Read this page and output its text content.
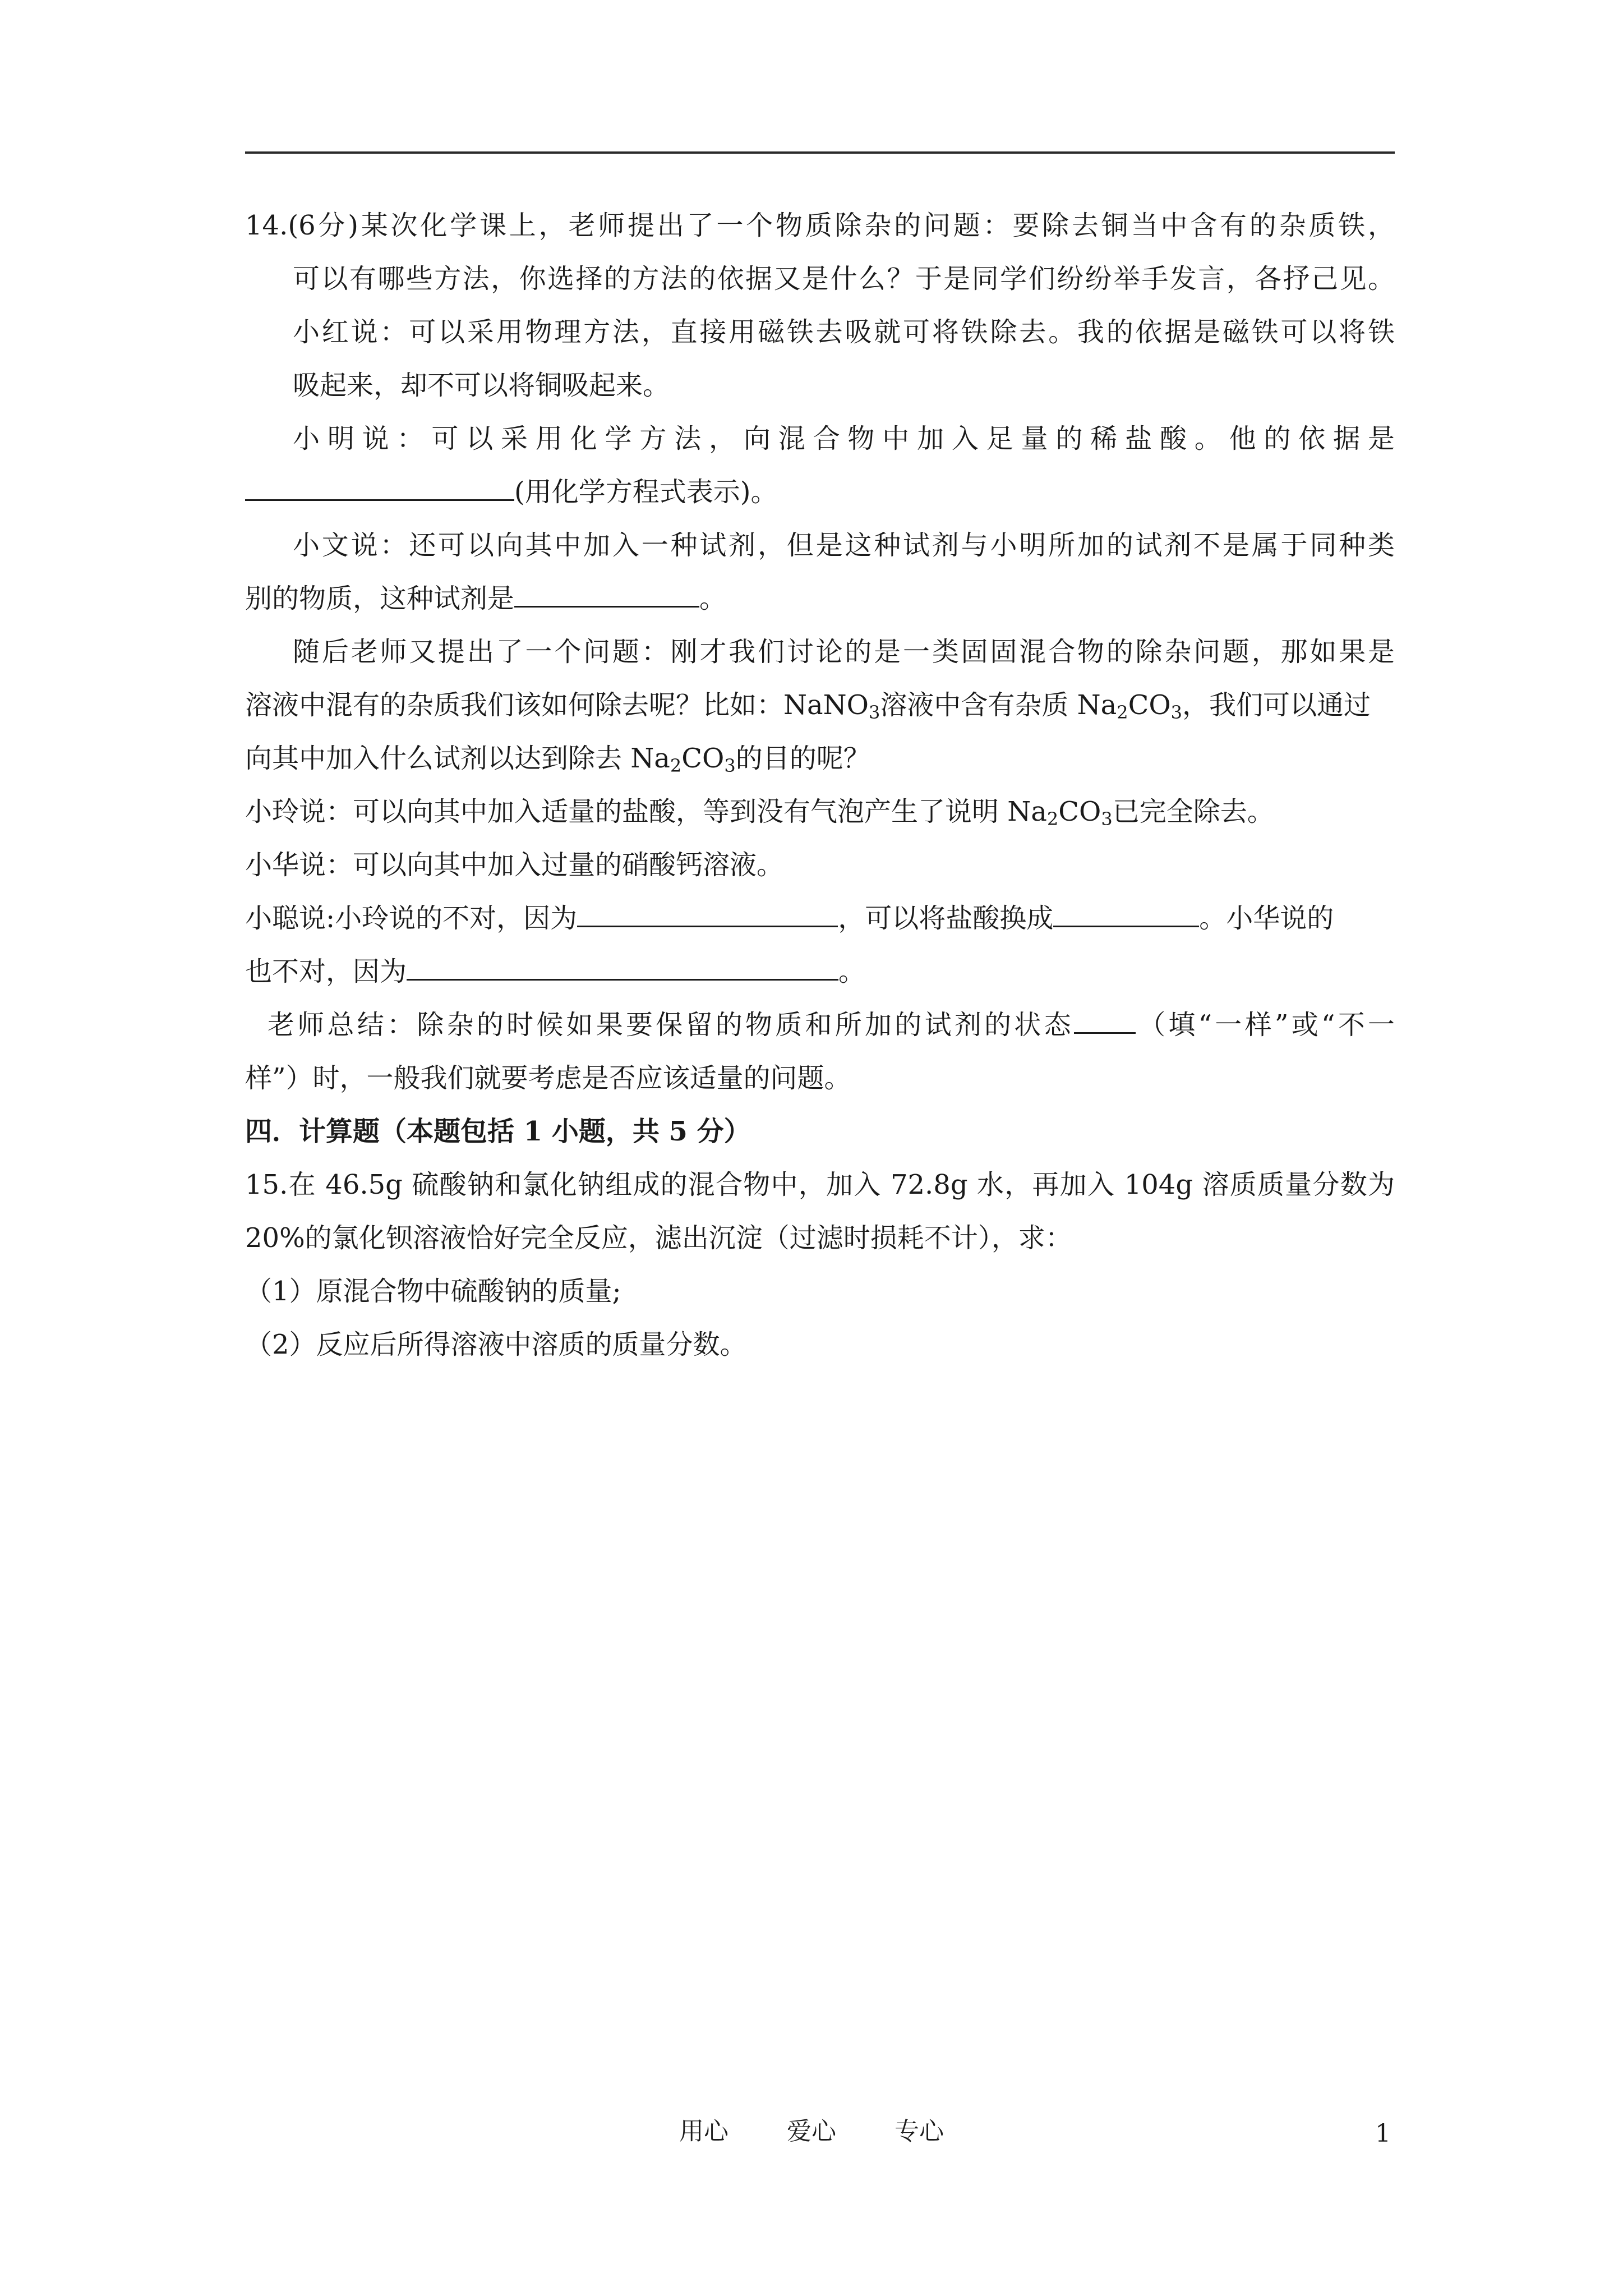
14.(6分)某次化学课上，老师提出了一个物质除杂的问题：要除去铜当中含有的杂质铁，
可以有哪些方法，你选择的方法的依据又是什么？于是同学们纷纷举手发言，各抒己见。
小红说：可以采用物理方法，直接用磁铁去吸就可将铁除去。我的依据是磁铁可以将铁
吸起来，却不可以将铜吸起来。
小明说：可以采用化学方法，向混合物中加入足量的稀盐酸。他的依据是
(用化学方程式表示)。
小文说：还可以向其中加入一种试剂，但是这种试剂与小明所加的试剂不是属于同种类
别的物质，这种试剂是	。
随后老师又提出了一个问题：刚才我们讨论的是一类固固混合物的除杂问题，那如果是
溶液中混有的杂质我们该如何除去呢？比如：NaNO$_3$溶液中含有杂质 $Na_2CO_3$，我们可以通过
向其中加入什么试剂以达到除去 $Na_2CO_3$的目的呢？
小玲说：可以向其中加入适量的盐酸，等到没有气泡产生了说明 $Na_2CO_3$已完全除去。
小华说：可以向其中加入过量的硝酸钙溶液。
小聪说:小玲说的不对，因为	，可以将盐酸换成	。小华说的
也不对，因为	。
老师总结：除杂的时候如果要保留的物质和所加的试剂的状态 （填“一样”或“不一
样”）时，一般我们就要考虑是否应该适量的问题。
四．计算题（本题包括 1 小题，共 5 分）
15.在 46.5g 硫酸钠和氯化钠组成的混合物中，加入 72.8g 水，再加入 104g 溶质质量分数为
20%的氯化钡溶液恰好完全反应，滤出沉淀（过滤时损耗不计），求：
（1）原混合物中硫酸钠的质量;
（2）反应后所得溶液中溶质的质量分数。
用心 爱心 专心	1
